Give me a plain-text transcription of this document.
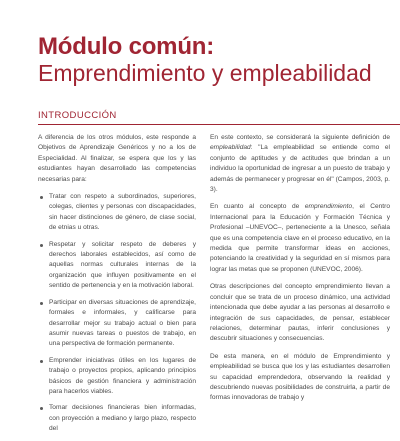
Módulo común:
Emprendimiento y empleabilidad
INTRODUCCIÓN

A diferencia de los otros módulos, este responde a Objetivos de Aprendizaje Genéricos y no a los de Especialidad. Al finalizar, se espera que los y las estudiantes hayan desarrollado las competencias necesarias para:

Tratar con respeto a subordinados, superiores, colegas, clientes y personas con discapacidades, sin hacer distinciones de género, de clase social, de etnias u otras.
Respetar y solicitar respeto de deberes y derechos laborales establecidos, así como de aquellas normas culturales internas de la organización que influyen positivamente en el sentido de pertenencia y en la motivación laboral.
Participar en diversas situaciones de aprendizaje, formales e informales, y calificarse para desarrollar mejor su trabajo actual o bien para asumir nuevas tareas o puestos de trabajo, en una perspectiva de formación permanente.
Emprender iniciativas útiles en los lugares de trabajo o proyectos propios, aplicando principios básicos de gestión financiera y administración para hacerlos viables.
Tomar decisiones financieras bien informadas, con proyección a mediano y largo plazo, respecto del

En este contexto, se considerará la siguiente definición de empleabilidad: "La empleabilidad se entiende como el conjunto de aptitudes y de actitudes que brindan a un individuo la oportunidad de ingresar a un puesto de trabajo y además de permanecer y progresar en él" (Campos, 2003, p. 3).

En cuanto al concepto de emprendimiento, el Centro Internacional para la Educación y Formación Técnica y Profesional –UNEVOC–, perteneciente a la Unesco, señala que es una competencia clave en el proceso educativo, en la medida que permite transformar ideas en acciones, potenciando la creatividad y la seguridad en sí mismos para lograr las metas que se proponen (UNEVOC, 2006).

Otras descripciones del concepto emprendimiento llevan a concluir que se trata de un proceso dinámico, una actividad intencionada que debe ayudar a las personas al desarrollo e integración de sus capacidades, de pensar, establecer relaciones, determinar pautas, inferir conclusiones y descubrir situaciones y consecuencias.

De esta manera, en el módulo de Emprendimiento y empleabilidad se busca que los y las estudiantes desarrollen su capacidad emprendedora, observando la realidad y descubriendo nuevas posibilidades de construirla, a partir de formas innovadoras de trabajo y
